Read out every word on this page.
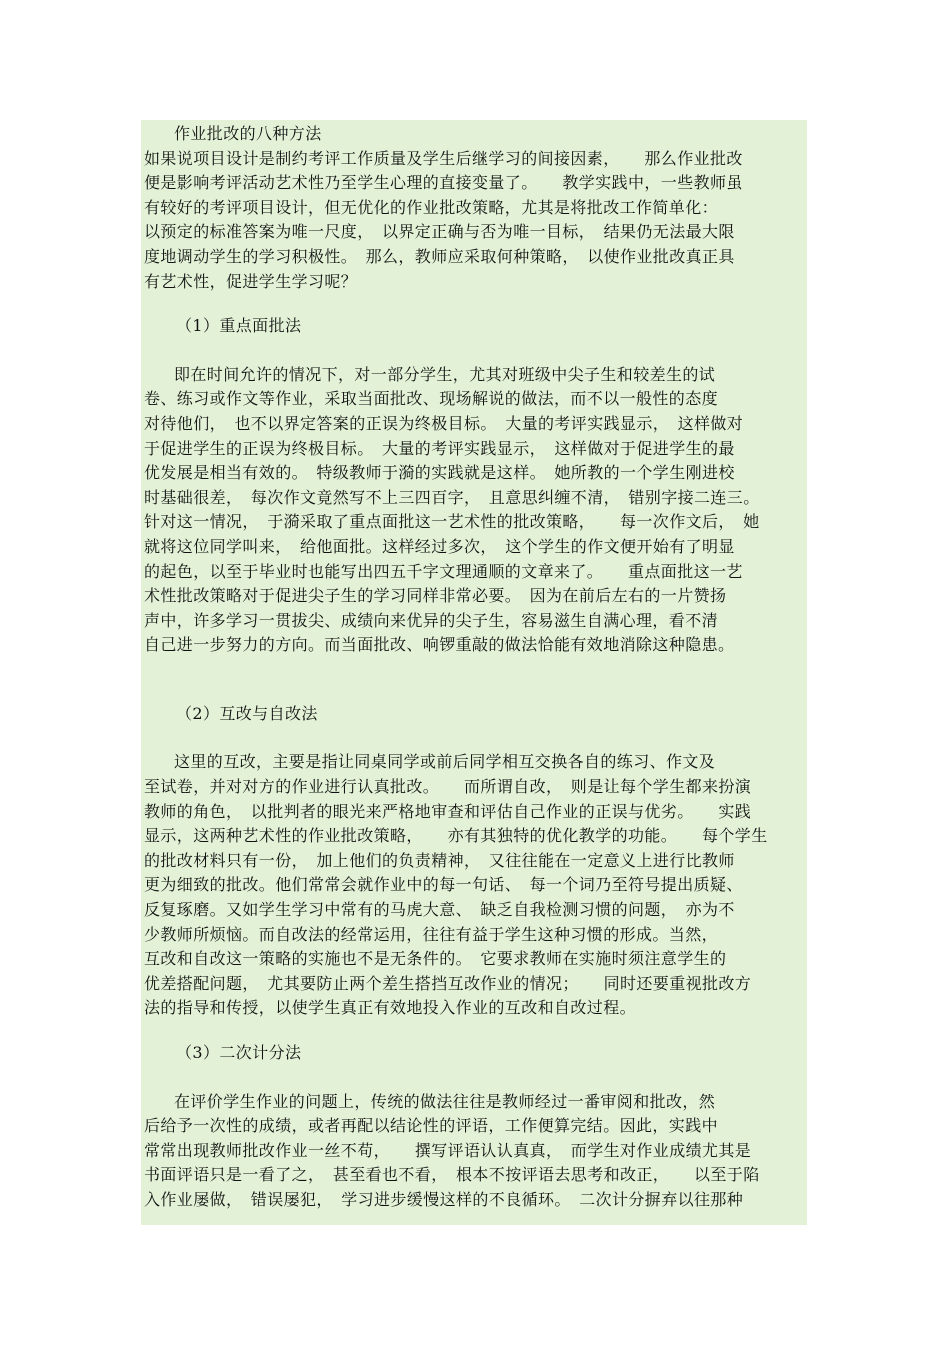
作业批改的八种方法
如果说项目设计是制约考评工作质量及学生后继学习的间接因素，　　那么作业批改
便是影响考评活动艺术性乃至学生心理的直接变量了。　　教学实践中，一些教师虽
有较好的考评项目设计，但无优化的作业批改策略，尤其是将批改工作简单化：
以预定的标准答案为唯一尺度，　以界定正确与否为唯一目标，　结果仍无法最大限
度地调动学生的学习积极性。　那么，教师应采取何种策略，　以使作业批改真正具
有艺术性，促进学生学习呢？
（1）重点面批法
即在时间允许的情况下，对一部分学生，尤其对班级中尖子生和较差生的试
卷、练习或作文等作业，采取当面批改、现场解说的做法，而不以一般性的态度
对待他们，　也不以界定答案的正误为终极目标。　大量的考评实践显示，　这样做对
于促进学生的正误为终极目标。　大量的考评实践显示，　这样做对于促进学生的最
优发展是相当有效的。　特级教师于漪的实践就是这样。　她所教的一个学生刚进校
时基础很差，　每次作文竟然写不上三四百字，　且意思纠缠不清，　错别字接二连三。
针对这一情况，　于漪采取了重点面批这一艺术性的批改策略，　　每一次作文后，　她
就将这位同学叫来，　给他面批。这样经过多次，　这个学生的作文便开始有了明显
的起色，以至于毕业时也能写出四五千字文理通顺的文章来了。　　重点面批这一艺
术性批改策略对于促进尖子生的学习同样非常必要。　因为在前后左右的一片赞扬
声中，许多学习一贯拔尖、成绩向来优异的尖子生，容易滋生自满心理，看不清
自己进一步努力的方向。而当面批改、响锣重敲的做法恰能有效地消除这种隐患。
（2）互改与自改法
这里的互改，主要是指让同桌同学或前后同学相互交换各自的练习、作文及
至试卷，并对对方的作业进行认真批改。　　而所谓自改，　则是让每个学生都来扮演
教师的角色，　以批判者的眼光来严格地审查和评估自己作业的正误与优劣。　　实践
显示，这两种艺术性的作业批改策略，　　亦有其独特的优化教学的功能。　　每个学生
的批改材料只有一份，　加上他们的负责精神，　又往往能在一定意义上进行比教师
更为细致的批改。他们常常会就作业中的每一句话、　每一个词乃至符号提出质疑、
反复琢磨。又如学生学习中常有的马虎大意、　缺乏自我检测习惯的问题，　亦为不
少教师所烦恼。而自改法的经常运用，往往有益于学生这种习惯的形成。当然，
互改和自改这一策略的实施也不是无条件的。　它要求教师在实施时须注意学生的
优差搭配问题，　尤其要防止两个差生搭挡互改作业的情况；　　同时还要重视批改方
法的指导和传授，以使学生真正有效地投入作业的互改和自改过程。
（3）二次计分法
在评价学生作业的问题上，传统的做法往往是教师经过一番审阅和批改，然
后给予一次性的成绩，或者再配以结论性的评语，工作便算完结。因此，实践中
常常出现教师批改作业一丝不苟，　　撰写评语认认真真，　而学生对作业成绩尤其是
书面评语只是一看了之，　甚至看也不看，　根本不按评语去思考和改正，　　以至于陷
入作业屡做，　错误屡犯，　学习进步缓慢这样的不良循环。　二次计分摒弃以往那种
